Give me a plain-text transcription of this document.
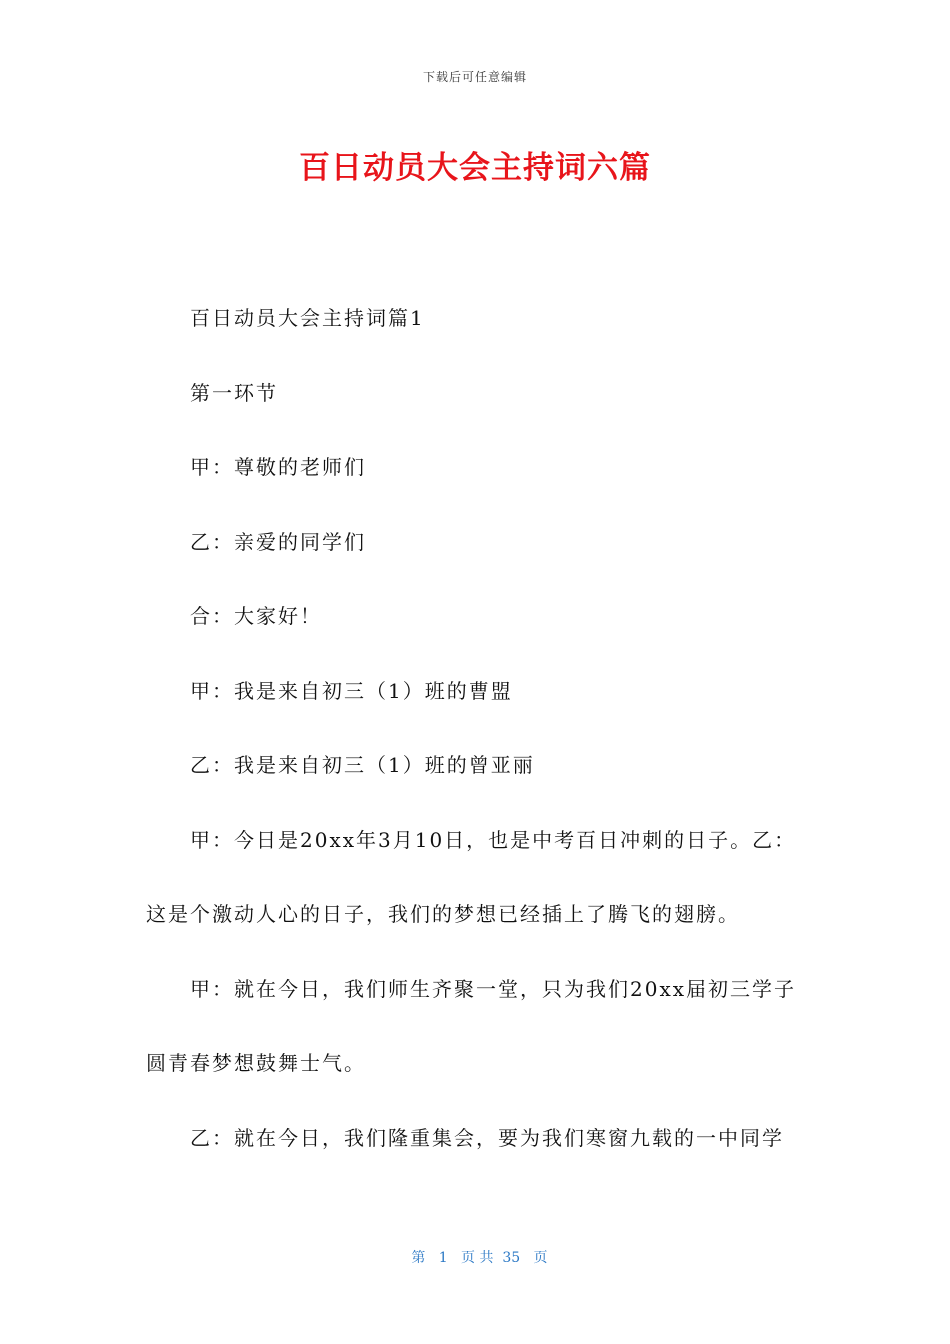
下载后可任意编辑
百日动员大会主持词六篇

百日动员大会主持词篇1

第一环节

甲：尊敬的老师们

乙：亲爱的同学们

合：大家好！

甲：我是来自初三（1）班的曹盟

乙：我是来自初三（1）班的曾亚丽

甲：今日是20xx年3月10日，也是中考百日冲刺的日子。乙：

这是个激动人心的日子，我们的梦想已经插上了腾飞的翅膀。

甲：就在今日，我们师生齐聚一堂，只为我们20xx届初三学子

圆青春梦想鼓舞士气。

乙：就在今日，我们隆重集会，要为我们寒窗九载的一中同学

第 1 页 共 35 页
